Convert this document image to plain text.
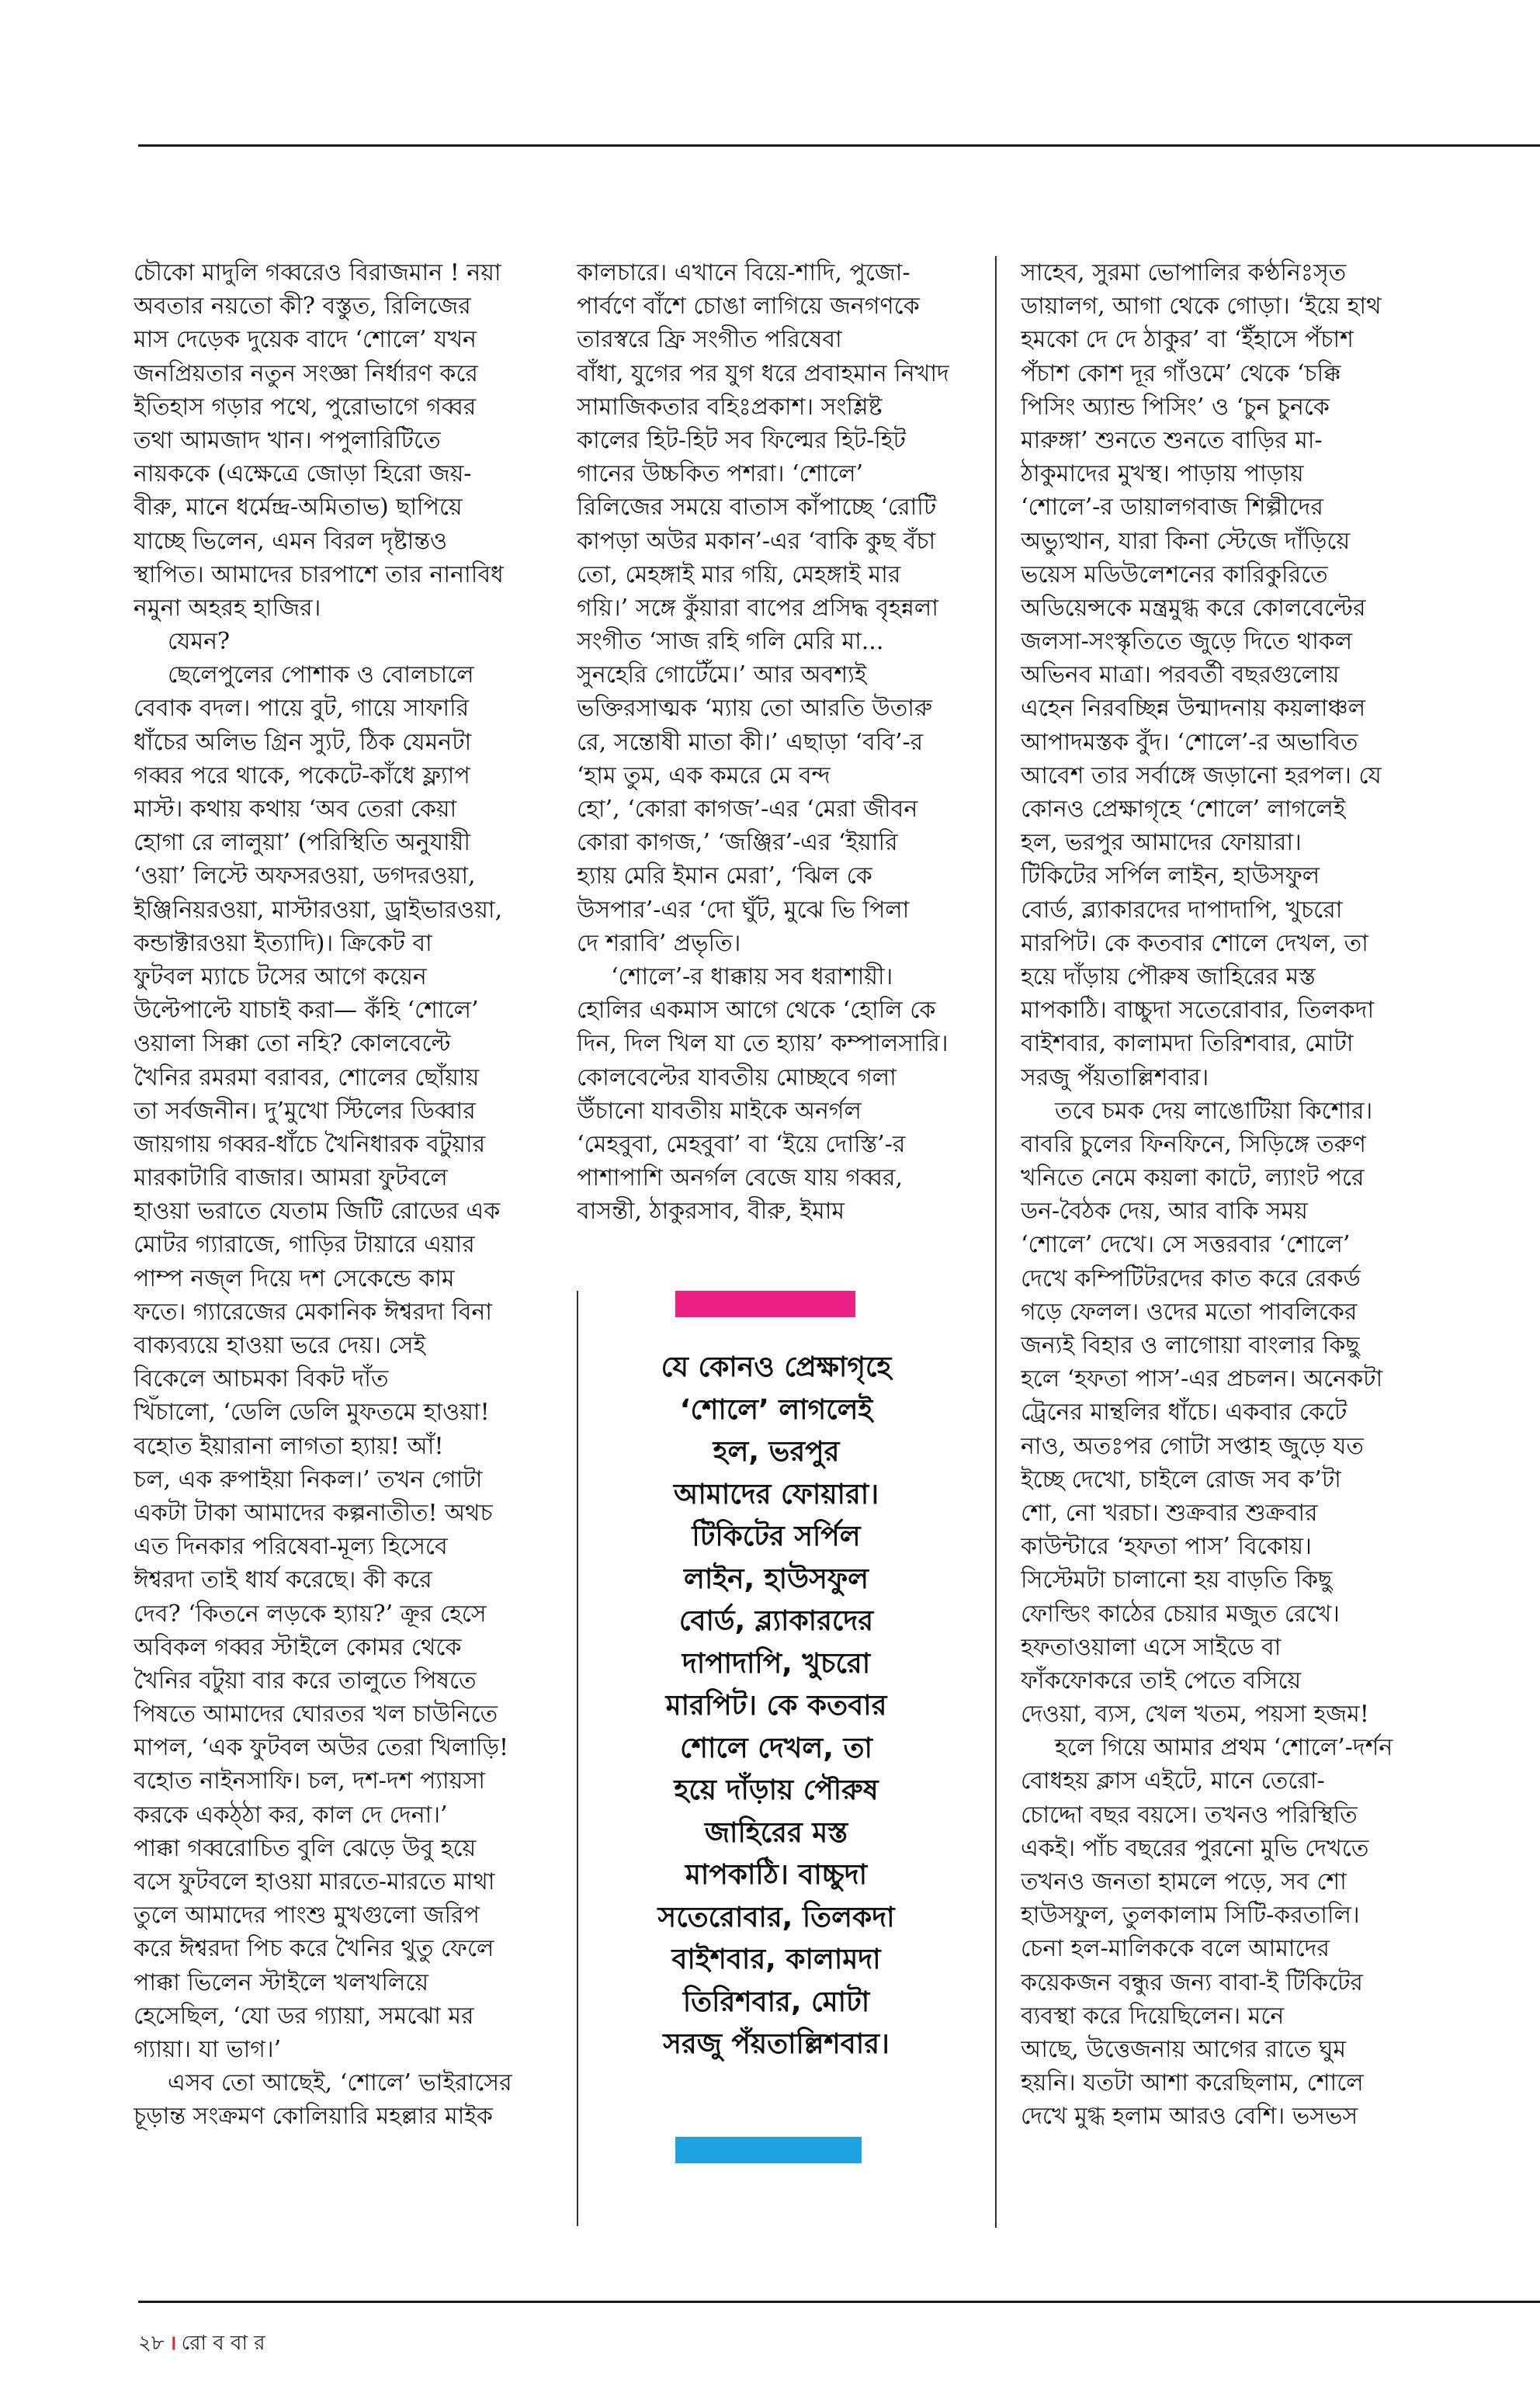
চৌকো মাদুলি গব্বরেও বিরাজমান ! নয়া
অবতার নয়তো কী? বস্তুত, রিলিজের
মাস দেড়েক দুয়েক বাদে ‘শোলে’ যখন
জনপ্রিয়তার নতুন সংজ্ঞা নির্ধারণ করে
ইতিহাস গড়ার পথে, পুরোভাগে গব্বর
তথা আমজাদ খান। পপুলারিটিতে
নায়ককে (এক্ষেত্রে জোড়া হিরো জয়-
বীরু, মানে ধর্মেন্দ্র-অমিতাভ) ছাপিয়ে
যাচ্ছে ভিলেন, এমন বিরল দৃষ্টান্তও
স্থাপিত। আমাদের চারপাশে তার নানাবিধ
নমুনা অহরহ হাজির।
যেমন?
ছেলেপুলের পোশাক ও বোলচালে
বেবাক বদল। পায়ে বুট, গায়ে সাফারি
ধাঁচের অলিভ গ্রিন স্যুট, ঠিক যেমনটা
গব্বর পরে থাকে, পকেটে-কাঁধে ফ্ল্যাপ
মাস্ট। কথায় কথায় ‘অব তেরা কেয়া
হোগা রে লালুয়া’ (পরিস্থিতি অনুযায়ী
‘ওয়া’ লিস্টে অফসরওয়া, ডগদরওয়া,
ইঞ্জিনিয়রওয়া, মাস্টারওয়া, ড্রাইভারওয়া,
কন্ডাক্টারওয়া ইত্যাদি)। ক্রিকেট বা
ফুটবল ম্যাচে টসের আগে কয়েন
উল্টেপাল্টে যাচাই করা— কঁহি ‘শোলে’
ওয়ালা সিক্কা তো নহি? কোলবেল্টে
খৈনির রমরমা বরাবর, শোলের ছোঁয়ায়
তা সর্বজনীন। দু’মুখো স্টিলের ডিব্বার
জায়গায় গব্বর-ধাঁচে খৈনিধারক বটুয়ার
মারকাটারি বাজার। আমরা ফুটবলে
হাওয়া ভরাতে যেতাম জিটি রোডের এক
মোটর গ্যারাজে, গাড়ির টায়ারে এয়ার
পাম্প নজ্‌ল দিয়ে দশ সেকেন্ডে কাম
ফতে। গ্যারেজের মেকানিক ঈশ্বরদা বিনা
বাক্যব্যয়ে হাওয়া ভরে দেয়। সেই
বিকেলে আচমকা বিকট দাঁত
খিঁচালো, ‘ডেলি ডেলি মুফতমে হাওয়া!
বহোত ইয়ারানা লাগতা হ্যায়! আঁ!
চল, এক রুপাইয়া নিকল।’ তখন গোটা
একটা টাকা আমাদের কল্পনাতীত! অথচ
এত দিনকার পরিষেবা-মূল্য হিসেবে
ঈশ্বরদা তাই ধার্য করেছে। কী করে
দেব? ‘কিতনে লড়কে হ্যায়?’ ক্রূর হেসে
অবিকল গব্বর স্টাইলে কোমর থেকে
খৈনির বটুয়া বার করে তালুতে পিষতে
পিষতে আমাদের ঘোরতর খল চাউনিতে
মাপল, ‘এক ফুটবল অউর তেরা খিলাড়ি!
বহোত নাইনসাফি। চল, দশ-দশ প্যায়সা
করকে একঠ্‌ঠা কর, কাল দে দেনা।’
পাক্কা গব্বরোচিত বুলি ঝেড়ে উবু হয়ে
বসে ফুটবলে হাওয়া মারতে-মারতে মাথা
তুলে আমাদের পাংশু মুখগুলো জরিপ
করে ঈশ্বরদা পিচ করে খৈনির থুতু ফেলে
পাক্কা ভিলেন স্টাইলে খলখলিয়ে
হেসেছিল, ‘যো ডর গ্যায়া, সমঝো মর
গ্যায়া। যা ভাগ।’
এসব তো আছেই, ‘শোলে’ ভাইরাসের
চূড়ান্ত সংক্রমণ কোলিয়ারি মহল্লার মাইক
কালচারে। এখানে বিয়ে-শাদি, পুজো-
পার্বণে বাঁশে চোঙা লাগিয়ে জনগণকে
তারস্বরে ফ্রি সংগীত পরিষেবা
বাঁধা, যুগের পর যুগ ধরে প্রবাহমান নিখাদ
সামাজিকতার বহিঃপ্রকাশ। সংশ্লিষ্ট
কালের হিট-হিট সব ফিল্মের হিট-হিট
গানের উচ্চকিত পশরা। ‘শোলে’
রিলিজের সময়ে বাতাস কাঁপাচ্ছে ‘রোটি
কাপড়া অউর মকান’-এর ‘বাকি কুছ বঁচা
তো, মেহঙ্গাই মার গয়ি, মেহঙ্গাই মার
গয়ি।’ সঙ্গে কুঁয়ারা বাপের প্রসিদ্ধ বৃহন্নলা
সংগীত ‘সাজ রহি গলি মেরি মা...
সুনহেরি গোটেঁমে।’ আর অবশ্যই
ভক্তিরসাত্মক ‘ম্যায় তো আরতি উতারু
রে, সন্তোষী মাতা কী।’ এছাড়া ‘ববি’-র
‘হাম তুম, এক কমরে মে বন্দ
হো’, ‘কোরা কাগজ’-এর ‘মেরা জীবন
কোরা কাগজ,’ ‘জঞ্জির’-এর ‘ইয়ারি
হ্যায় মেরি ইমান মেরা’, ‘ঝিল কে
উসপার’-এর ‘দো ঘুঁট, মুঝে ভি পিলা
দে শরাবি’ প্রভৃতি।
‘শোলে’-র ধাক্কায় সব ধরাশায়ী।
হোলির একমাস আগে থেকে ‘হোলি কে
দিন, দিল খিল যা তে হ্যায়’ কম্পালসারি।
কোলবেল্টের যাবতীয় মোচ্ছবে গলা
উঁচানো যাবতীয় মাইকে অনর্গল
‘মেহবুবা, মেহবুবা’ বা ‘ইয়ে দোস্তি’-র
পাশাপাশি অনর্গল বেজে যায় গব্বর,
বাসন্তী, ঠাকুরসাব, বীরু, ইমাম
সাহেব, সুরমা ভোপালির কণ্ঠনিঃসৃত
ডায়ালগ, আগা থেকে গোড়া। ‘ইয়ে হাথ
হমকো দে দে ঠাকুর’ বা ‘ইঁহাসে পঁচাশ
পঁচাশ কোশ দূর গাঁওমে’ থেকে ‘চক্কি
পিসিং অ্যান্ড পিসিং’ ও ‘চুন চুনকে
মারুঙ্গা’ শুনতে শুনতে বাড়ির মা-
ঠাকুমাদের মুখস্থ। পাড়ায় পাড়ায়
‘শোলে’-র ডায়ালগবাজ শিল্পীদের
অভ্যুত্থান, যারা কিনা স্টেজে দাঁড়িয়ে
ভয়েস মডিউলেশনের কারিকুরিতে
অডিয়েন্সকে মন্ত্রমুগ্ধ করে কোলবেল্টের
জলসা-সংস্কৃতিতে জুড়ে দিতে থাকল
অভিনব মাত্রা। পরবর্তী বছরগুলোয়
এহেন নিরবচ্ছিন্ন উন্মাদনায় কয়লাঞ্চল
আপাদমস্তক বুঁদ। ‘শোলে’-র অভাবিত
আবেশ তার সর্বাঙ্গে জড়ানো হরপল। যে
কোনও প্রেক্ষাগৃহে ‘শোলে’ লাগলেই
হল, ভরপুর আমাদের ফোয়ারা।
টিকিটের সর্পিল লাইন, হাউসফুল
বোর্ড, ব্ল্যাকারদের দাপাদাপি, খুচরো
মারপিট। কে কতবার শোলে দেখল, তা
হয়ে দাঁড়ায় পৌরুষ জাহিরের মস্ত
মাপকাঠি। বাচ্চুদা সতেরোবার, তিলকদা
বাইশবার, কালামদা তিরিশবার, মোটা
সরজু পঁয়তাল্লিশবার।
তবে চমক দেয় লাঙোটিয়া কিশোর।
বাবরি চুলের ফিনফিনে, সিড়িঙ্গে তরুণ
খনিতে নেমে কয়লা কাটে, ল্যাংট পরে
ডন-বৈঠক দেয়, আর বাকি সময়
‘শোলে’ দেখে। সে সত্তরবার ‘শোলে’
দেখে কম্পিটিটরদের কাত করে রেকর্ড
গড়ে ফেলল। ওদের মতো পাবলিকের
জন্যই বিহার ও লাগোয়া বাংলার কিছু
হলে ‘হফতা পাস’-এর প্রচলন। অনেকটা
ট্রেনের মান্থলির ধাঁচে। একবার কেটে
নাও, অতঃপর গোটা সপ্তাহ জুড়ে যত
ইচ্ছে দেখো, চাইলে রোজ সব ক’টা
শো, নো খরচা। শুক্রবার শুক্রবার
কাউন্টারে ‘হফতা পাস’ বিকোয়।
সিস্টেমটা চালানো হয় বাড়তি কিছু
ফোল্ডিং কাঠের চেয়ার মজুত রেখে।
হফতাওয়ালা এসে সাইডে বা
ফাঁকফোকরে তাই পেতে বসিয়ে
দেওয়া, ব্যস, খেল খতম, পয়সা হজম!
হলে গিয়ে আমার প্রথম ‘শোলে’-দর্শন
বোধহয় ক্লাস এইটে, মানে তেরো-
চোদ্দো বছর বয়সে। তখনও পরিস্থিতি
একই। পাঁচ বছরের পুরনো মুভি দেখতে
তখনও জনতা হামলে পড়ে, সব শো
হাউসফুল, তুলকালাম সিটি-করতালি।
চেনা হল-মালিককে বলে আমাদের
কয়েকজন বন্ধুর জন্য বাবা-ই টিকিটের
ব্যবস্থা করে দিয়েছিলেন। মনে
আছে, উত্তেজনায় আগের রাতে ঘুম
হয়নি। যতটা আশা করেছিলাম, শোলে
দেখে মুগ্ধ হলাম আরও বেশি। ভসভস
যে কোনও প্রেক্ষাগৃহে
‘শোলে’ লাগলেই
হল, ভরপুর
আমাদের ফোয়ারা।
টিকিটের সর্পিল
লাইন, হাউসফুল
বোর্ড, ব্ল্যাকারদের
দাপাদাপি, খুচরো
মারপিট। কে কতবার
শোলে দেখল, তা
হয়ে দাঁড়ায় পৌরুষ
জাহিরের মস্ত
মাপকাঠি। বাচ্চুদা
সতেরোবার, তিলকদা
বাইশবার, কালামদা
তিরিশবার, মোটা
সরজু পঁয়তাল্লিশবার।
২৮ । রো ব বা র
